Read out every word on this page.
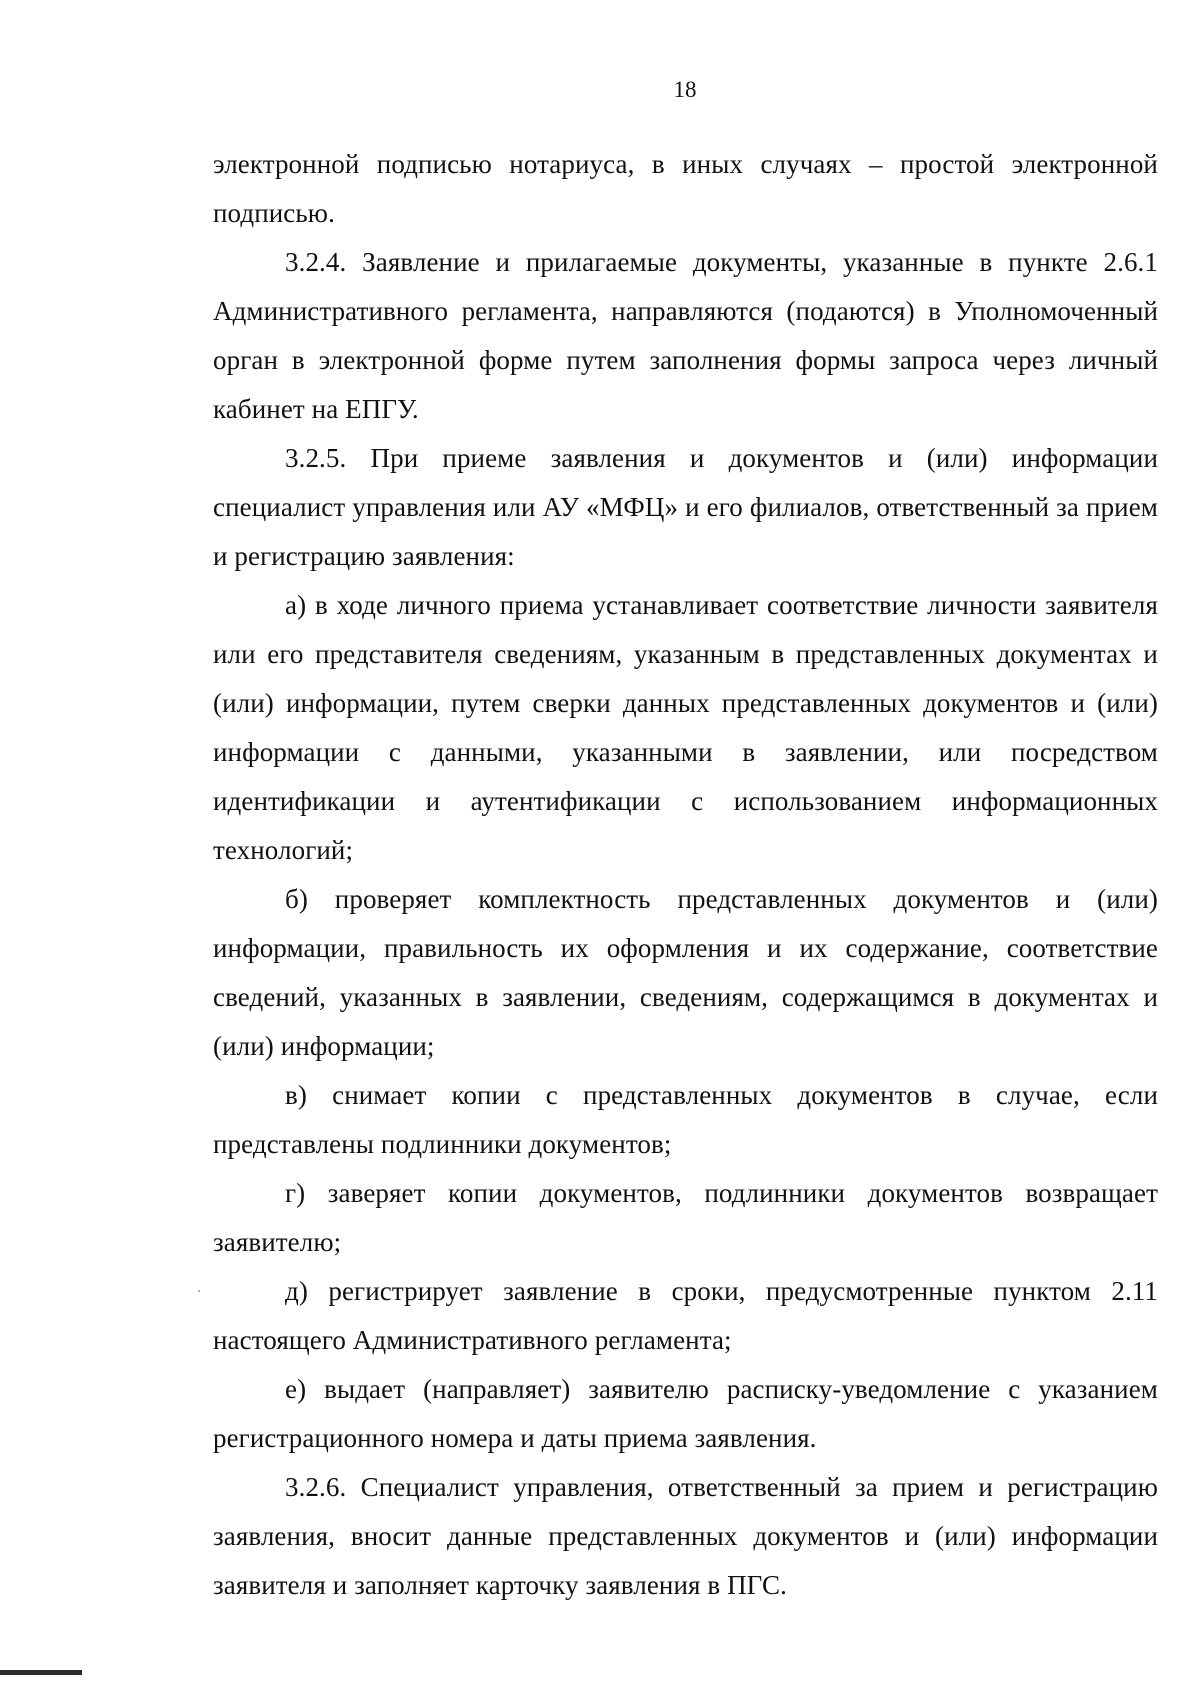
18

электронной подписью нотариуса, в иных случаях – простой электронной подписью.

3.2.4. Заявление и прилагаемые документы, указанные в пункте 2.6.1 Административного регламента, направляются (подаются) в Уполномоченный орган в электронной форме путем заполнения формы запроса через личный кабинет на ЕПГУ.

3.2.5. При приеме заявления и документов и (или) информации специалист управления или АУ «МФЦ» и его филиалов, ответственный за прием и регистрацию заявления:

а) в ходе личного приема устанавливает соответствие личности заявителя или его представителя сведениям, указанным в представленных документах и (или) информации, путем сверки данных представленных документов и (или) информации с данными, указанными в заявлении, или посредством идентификации и аутентификации с использованием информационных технологий;

б) проверяет комплектность представленных документов и (или) информации, правильность их оформления и их содержание, соответствие сведений, указанных в заявлении, сведениям, содержащимся в документах и (или) информации;

в) снимает копии с представленных документов в случае, если представлены подлинники документов;

г) заверяет копии документов, подлинники документов возвращает заявителю;

д) регистрирует заявление в сроки, предусмотренные пунктом 2.11 настоящего Административного регламента;

е) выдает (направляет) заявителю расписку-уведомление с указанием регистрационного номера и даты приема заявления.

3.2.6. Специалист управления, ответственный за прием и регистрацию заявления, вносит данные представленных документов и (или) информации заявителя и заполняет карточку заявления в ПГС.
